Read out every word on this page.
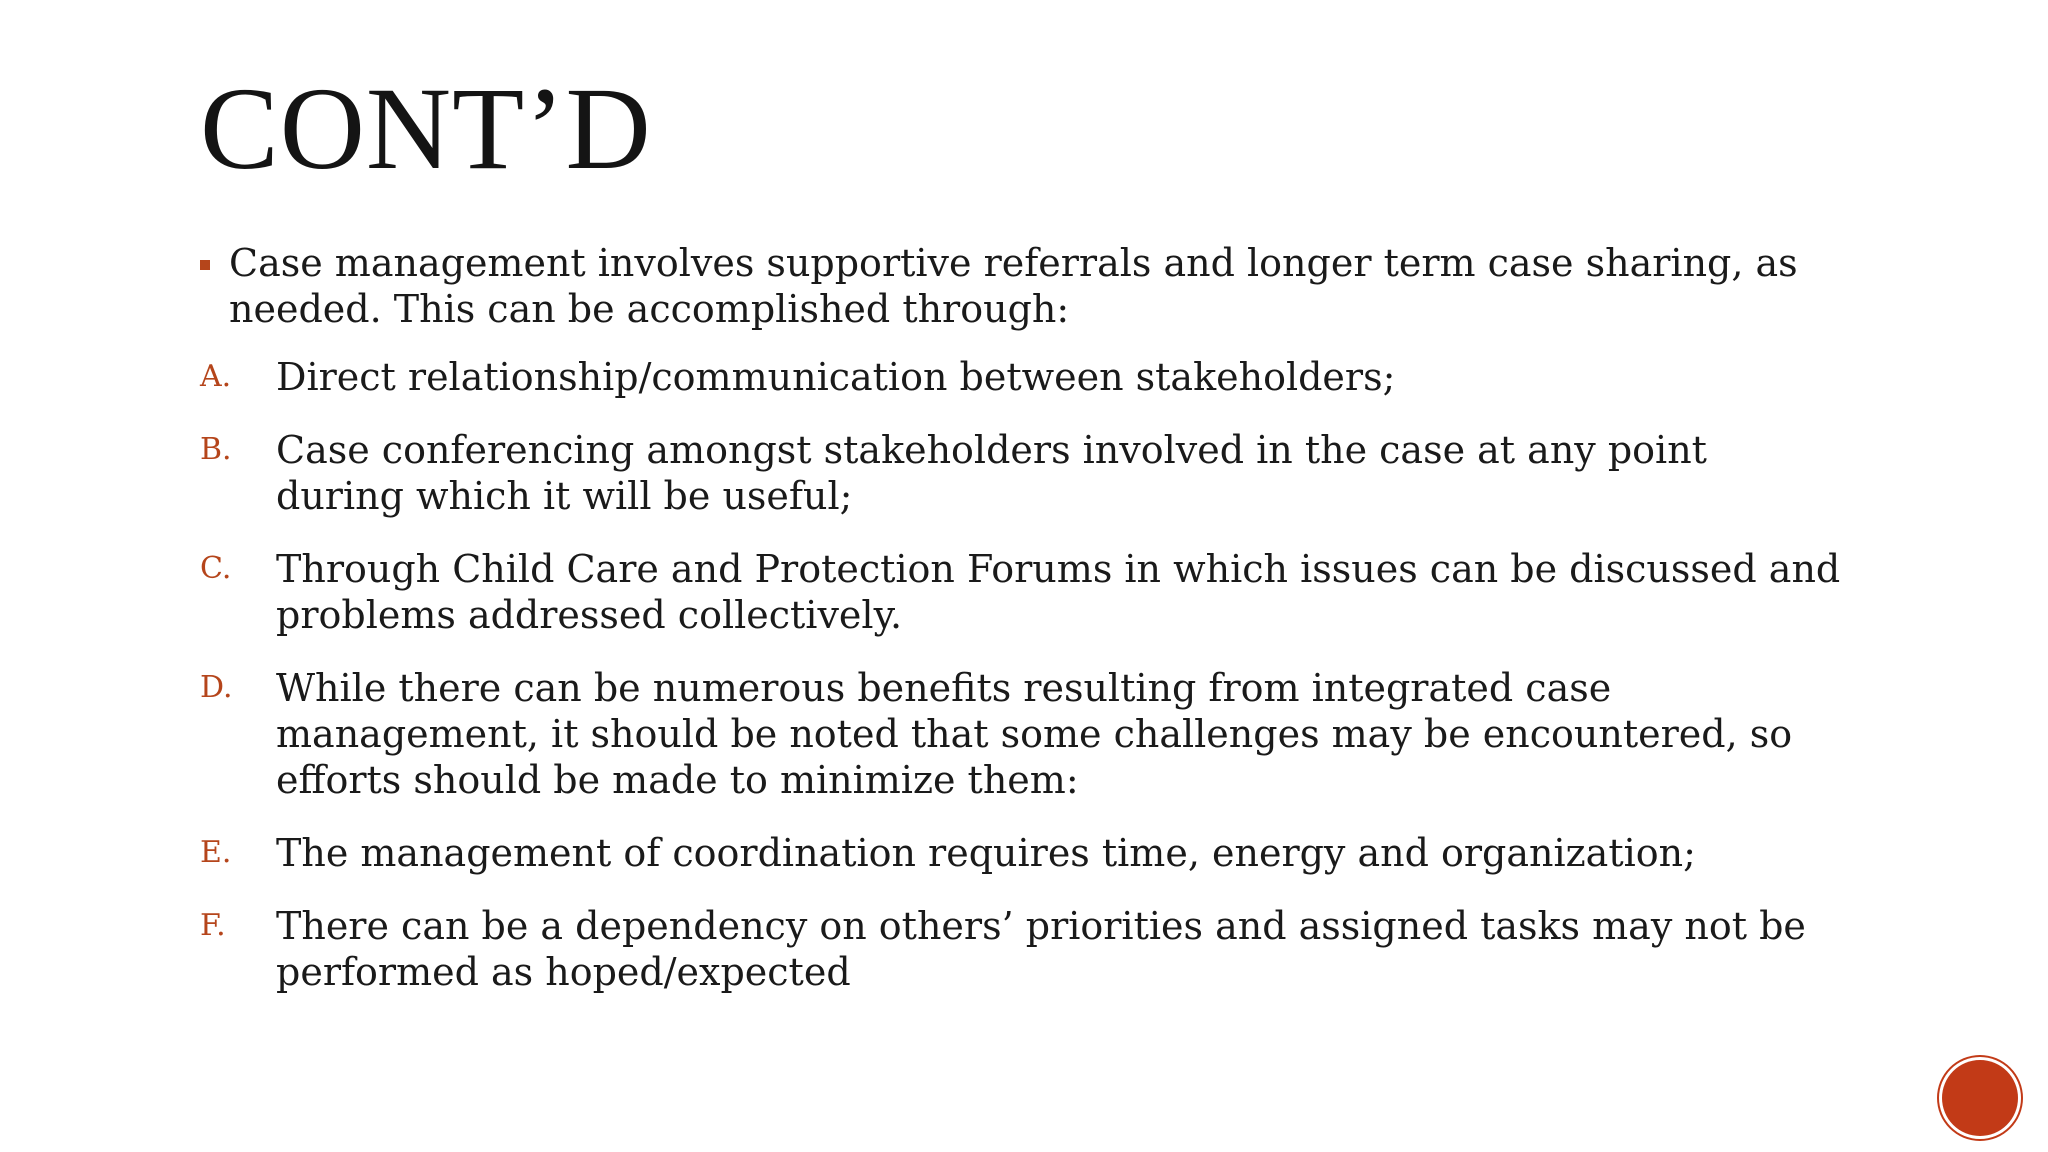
CONT’D
Case management involves supportive referrals and longer term case sharing, as needed. This can be accomplished through:
A.	Direct relationship/communication between stakeholders;
B.	Case conferencing amongst stakeholders involved in the case at any point during which it will be useful;
C.	Through Child Care and Protection Forums in which issues can be discussed and problems addressed collectively.
D.	While there can be numerous benefits resulting from integrated case management, it should be noted that some challenges may be encountered, so efforts should be made to minimize them:
E.	The management of coordination requires time, energy and organization;
F.	There can be a dependency on others’ priorities and assigned tasks may not be performed as hoped/expected
